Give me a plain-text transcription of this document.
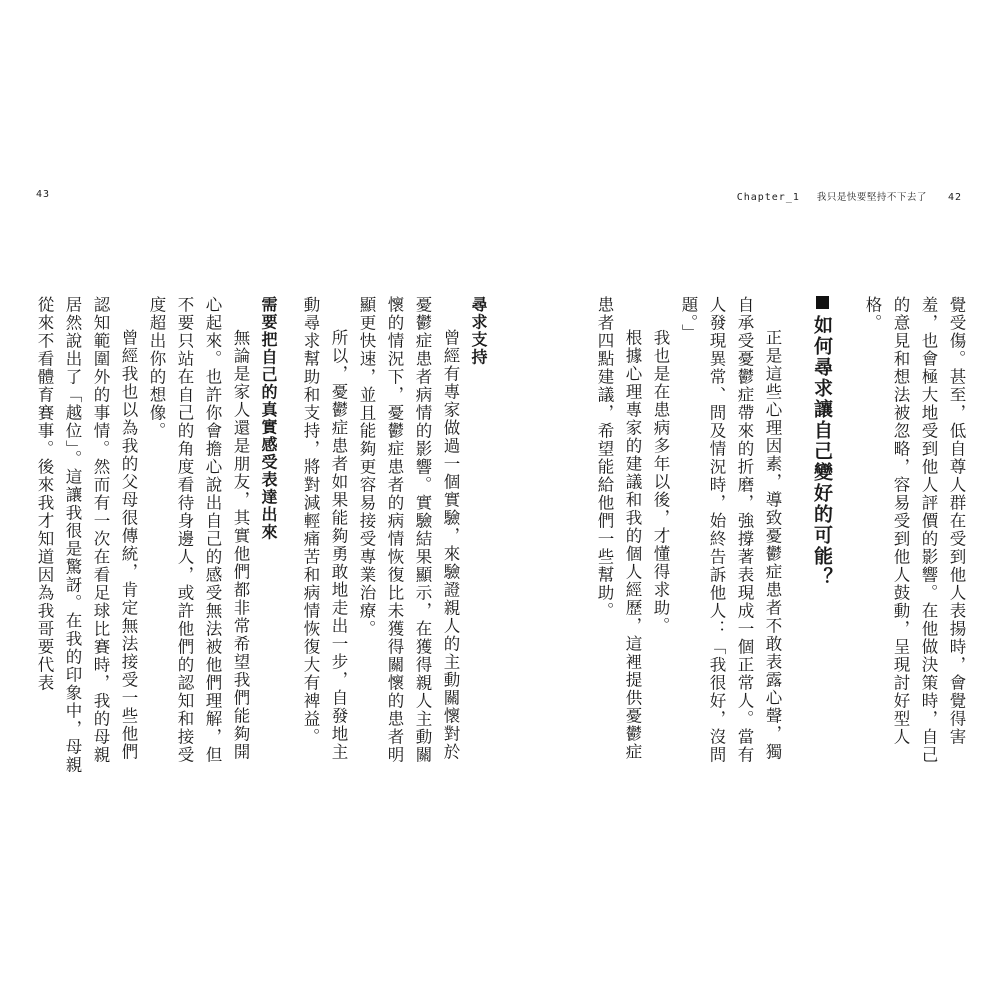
Chapter_1 我只是快要堅持不下去了 42

覺受傷。甚至，低自尊人群在受到他人表揚時，會覺得害羞，也會極大地受到他人評價的影響。在他做決策時，自己的意見和想法被忽略，容易受到他人鼓動，呈現討好型人格。

如何尋求讓自己變好的可能？

正是這些心理因素，導致憂鬱症患者不敢表露心聲，獨自承受憂鬱症帶來的折磨，強撐著表現成一個正常人。當有人發現異常、問及情況時，始終告訴他人：「我很好，沒問題。」

我也是在患病多年以後，才懂得求助。

根據心理專家的建議和我的個人經歷，這裡提供憂鬱症患者四點建議，希望能給他們一些幫助。

43
尋求支持

曾經有專家做過一個實驗，來驗證親人的主動關懷對於憂鬱症患者病情的影響。實驗結果顯示，在獲得親人主動關懷的情況下，憂鬱症患者的病情恢復比未獲得關懷的患者明顯更快速，並且能夠更容易接受專業治療。

所以，憂鬱症患者如果能夠勇敢地走出一步，自發地主動尋求幫助和支持，將對減輕痛苦和病情恢復大有裨益。

需要把自己的真實感受表達出來

無論是家人還是朋友，其實他們都非常希望我們能夠開心起來。也許你會擔心說出自己的感受無法被他們理解，但不要只站在自己的角度看待身邊人，或許他們的認知和接受度超出你的想像。

曾經我也以為我的父母很傳統，肯定無法接受一些他們認知範圍外的事情。然而有一次在看足球比賽時，我的母親居然說出了「越位」。這讓我很是驚訝。在我的印象中，母親從來不看體育賽事。後來我才知道因為我哥要代表
